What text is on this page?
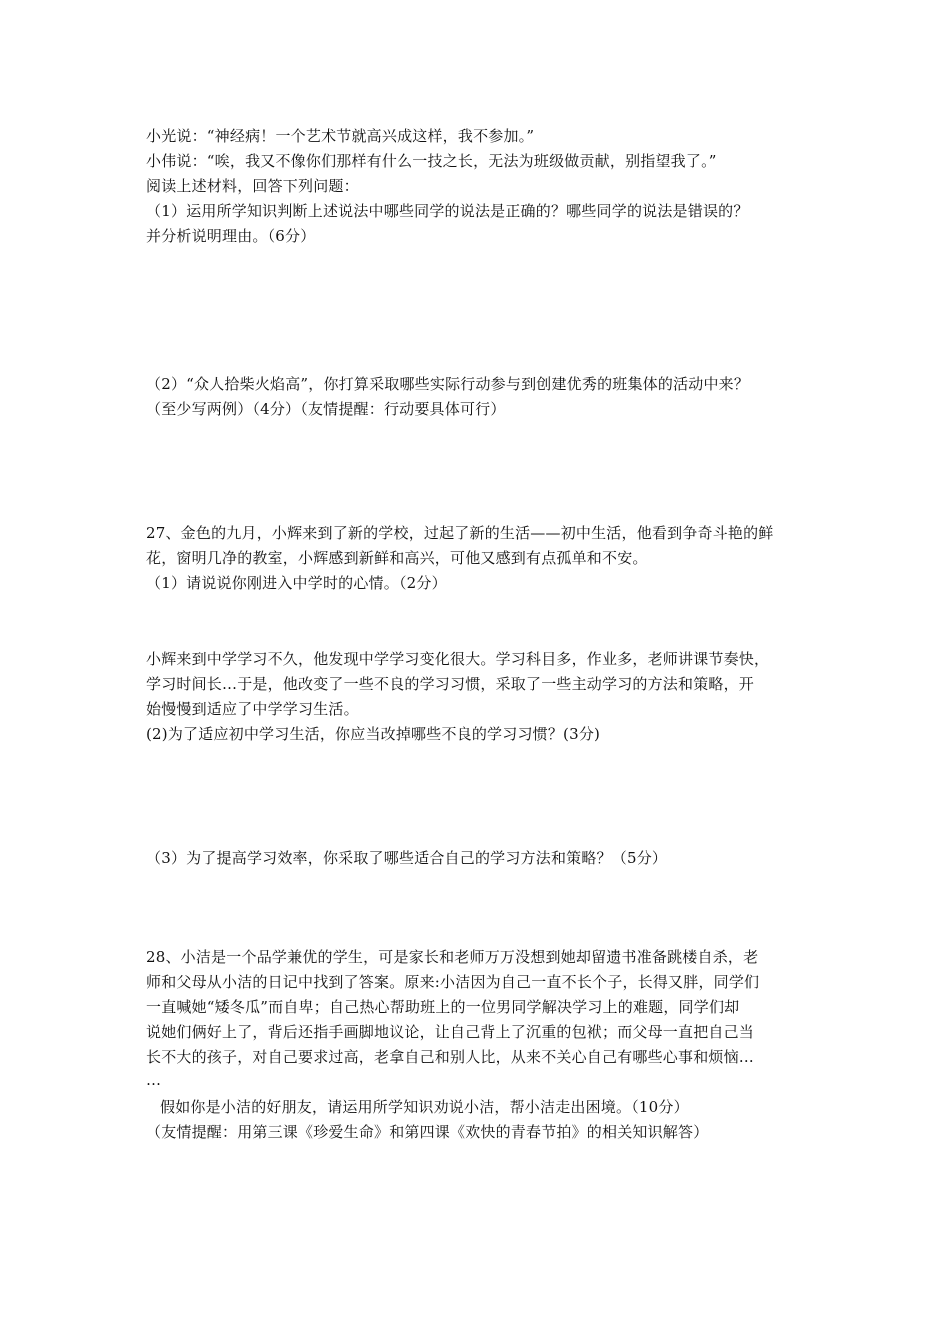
小光说：“神经病！一个艺术节就高兴成这样，我不参加。”
小伟说：“唉，我又不像你们那样有什么一技之长，无法为班级做贡献，别指望我了。”
阅读上述材料，回答下列问题：
（1）运用所学知识判断上述说法中哪些同学的说法是正确的？哪些同学的说法是错误的？
并分析说明理由。（6分）
（2）“众人拾柴火焰高”，你打算采取哪些实际行动参与到创建优秀的班集体的活动中来？
（至少写两例）（4分）（友情提醒：行动要具体可行）
27、金色的九月，小辉来到了新的学校，过起了新的生活——初中生活，他看到争奇斗艳的鲜
花，窗明几净的教室，小辉感到新鲜和高兴，可他又感到有点孤单和不安。
（1）请说说你刚进入中学时的心情。（2分）
小辉来到中学学习不久，他发现中学学习变化很大。学习科目多，作业多，老师讲课节奏快，
学习时间长…于是，他改变了一些不良的学习习惯，采取了一些主动学习的方法和策略，开
始慢慢到适应了中学学习生活。
(2)为了适应初中学习生活，你应当改掉哪些不良的学习习惯？(3分)
（3）为了提高学习效率，你采取了哪些适合自己的学习方法和策略？（5分）
28、小洁是一个品学兼优的学生，可是家长和老师万万没想到她却留遗书准备跳楼自杀，老
师和父母从小洁的日记中找到了答案。原来:小洁因为自己一直不长个子，长得又胖，同学们
一直喊她“矮冬瓜”而自卑；自己热心帮助班上的一位男同学解决学习上的难题，同学们却
说她们俩好上了，背后还指手画脚地议论，让自己背上了沉重的包袱；而父母一直把自己当
长不大的孩子，对自己要求过高，老拿自己和别人比，从来不关心自己有哪些心事和烦恼…
…
假如你是小洁的好朋友，请运用所学知识劝说小洁，帮小洁走出困境。（10分）
（友情提醒：用第三课《珍爱生命》和第四课《欢快的青春节拍》的相关知识解答）
